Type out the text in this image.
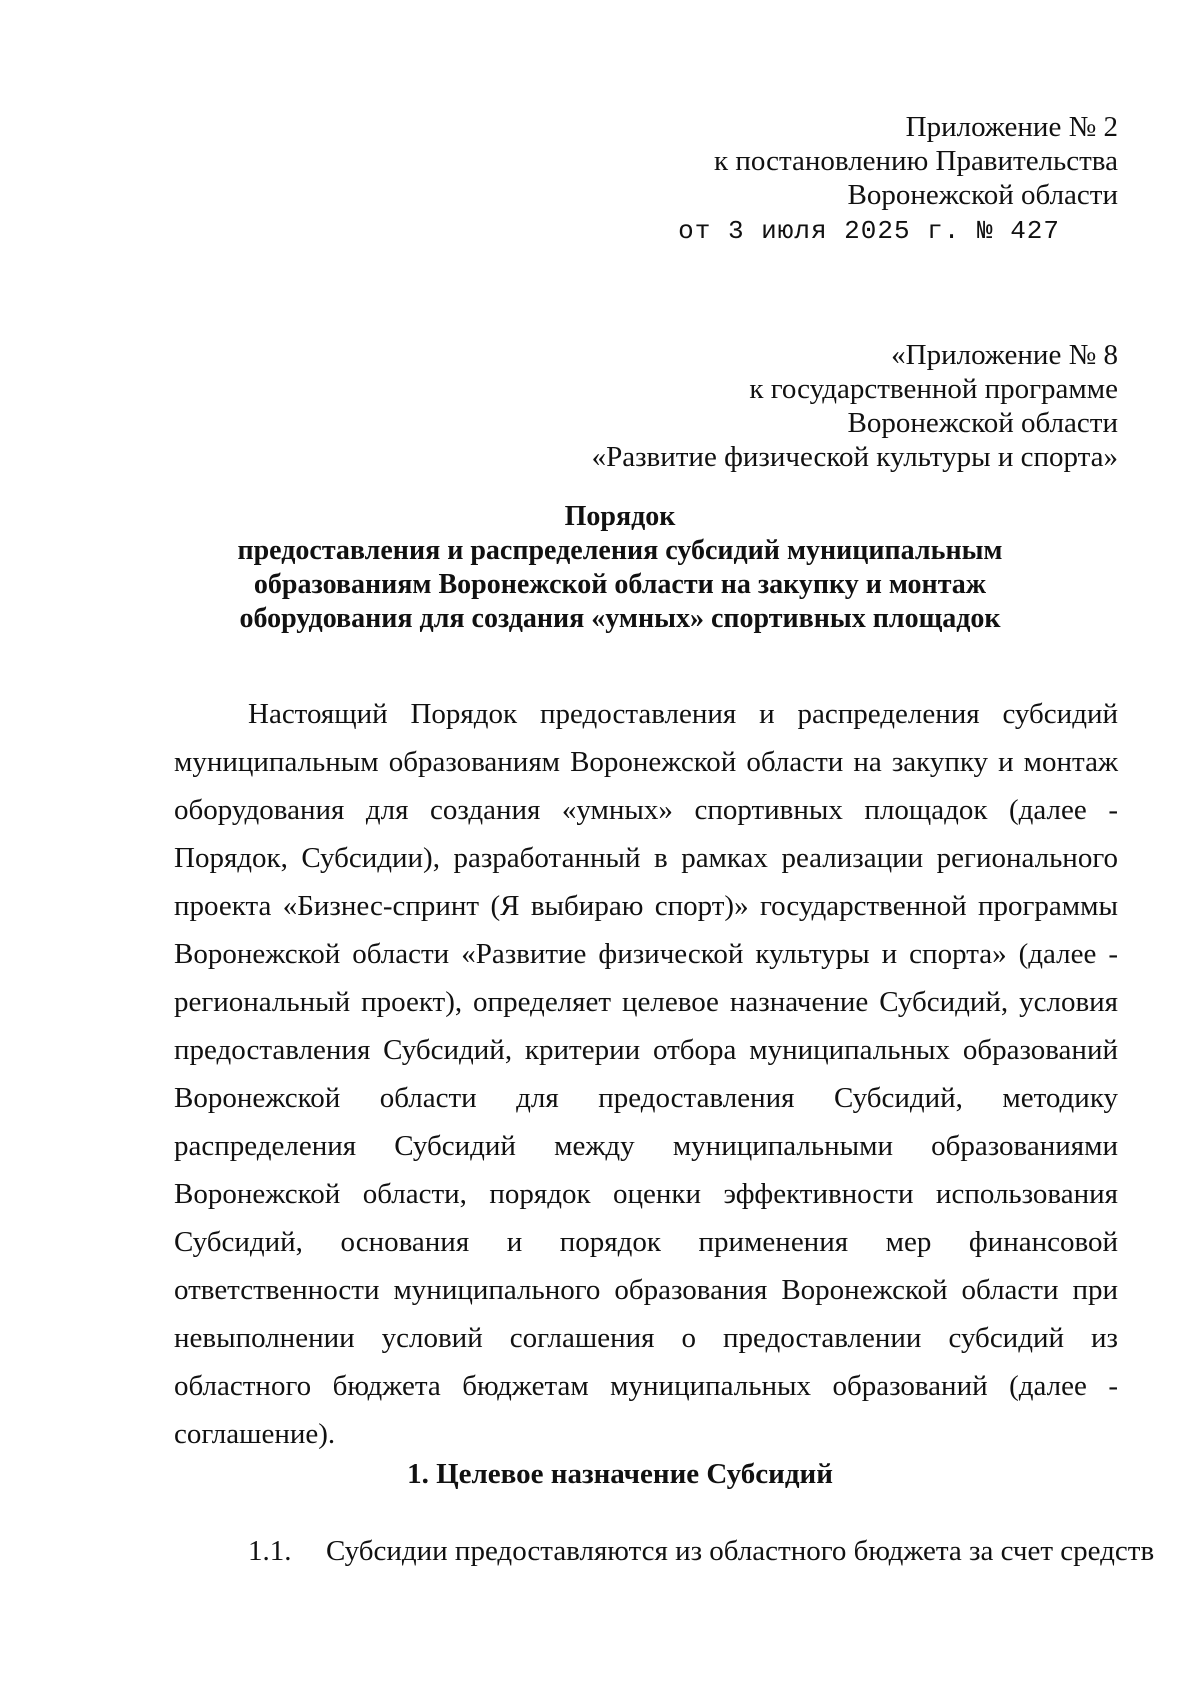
Приложение № 2
к постановлению Правительства
Воронежской области
от 3 июля 2025 г. № 427
«Приложение № 8
к государственной программе
Воронежской области
«Развитие физической культуры и спорта»
Порядок
предоставления и распределения субсидий муниципальным
образованиям Воронежской области на закупку и монтаж
оборудования для создания «умных» спортивных площадок
Настоящий Порядок предоставления и распределения субсидий муниципальным образованиям Воронежской области на закупку и монтаж оборудования для создания «умных» спортивных площадок (далее - Порядок, Субсидии), разработанный в рамках реализации регионального проекта «Бизнес-спринт (Я выбираю спорт)» государственной программы Воронежской области «Развитие физической культуры и спорта» (далее - региональный проект), определяет целевое назначение Субсидий, условия предоставления Субсидий, критерии отбора муниципальных образований Воронежской области для предоставления Субсидий, методику распределения Субсидий между муниципальными образованиями Воронежской области, порядок оценки эффективности использования Субсидий, основания и порядок применения мер финансовой ответственности муниципального образования Воронежской области при невыполнении условий соглашения о предоставлении субсидий из областного бюджета бюджетам муниципальных образований (далее - соглашение).
1. Целевое назначение Субсидий
1.1. Субсидии предоставляются из областного бюджета за счет средств
